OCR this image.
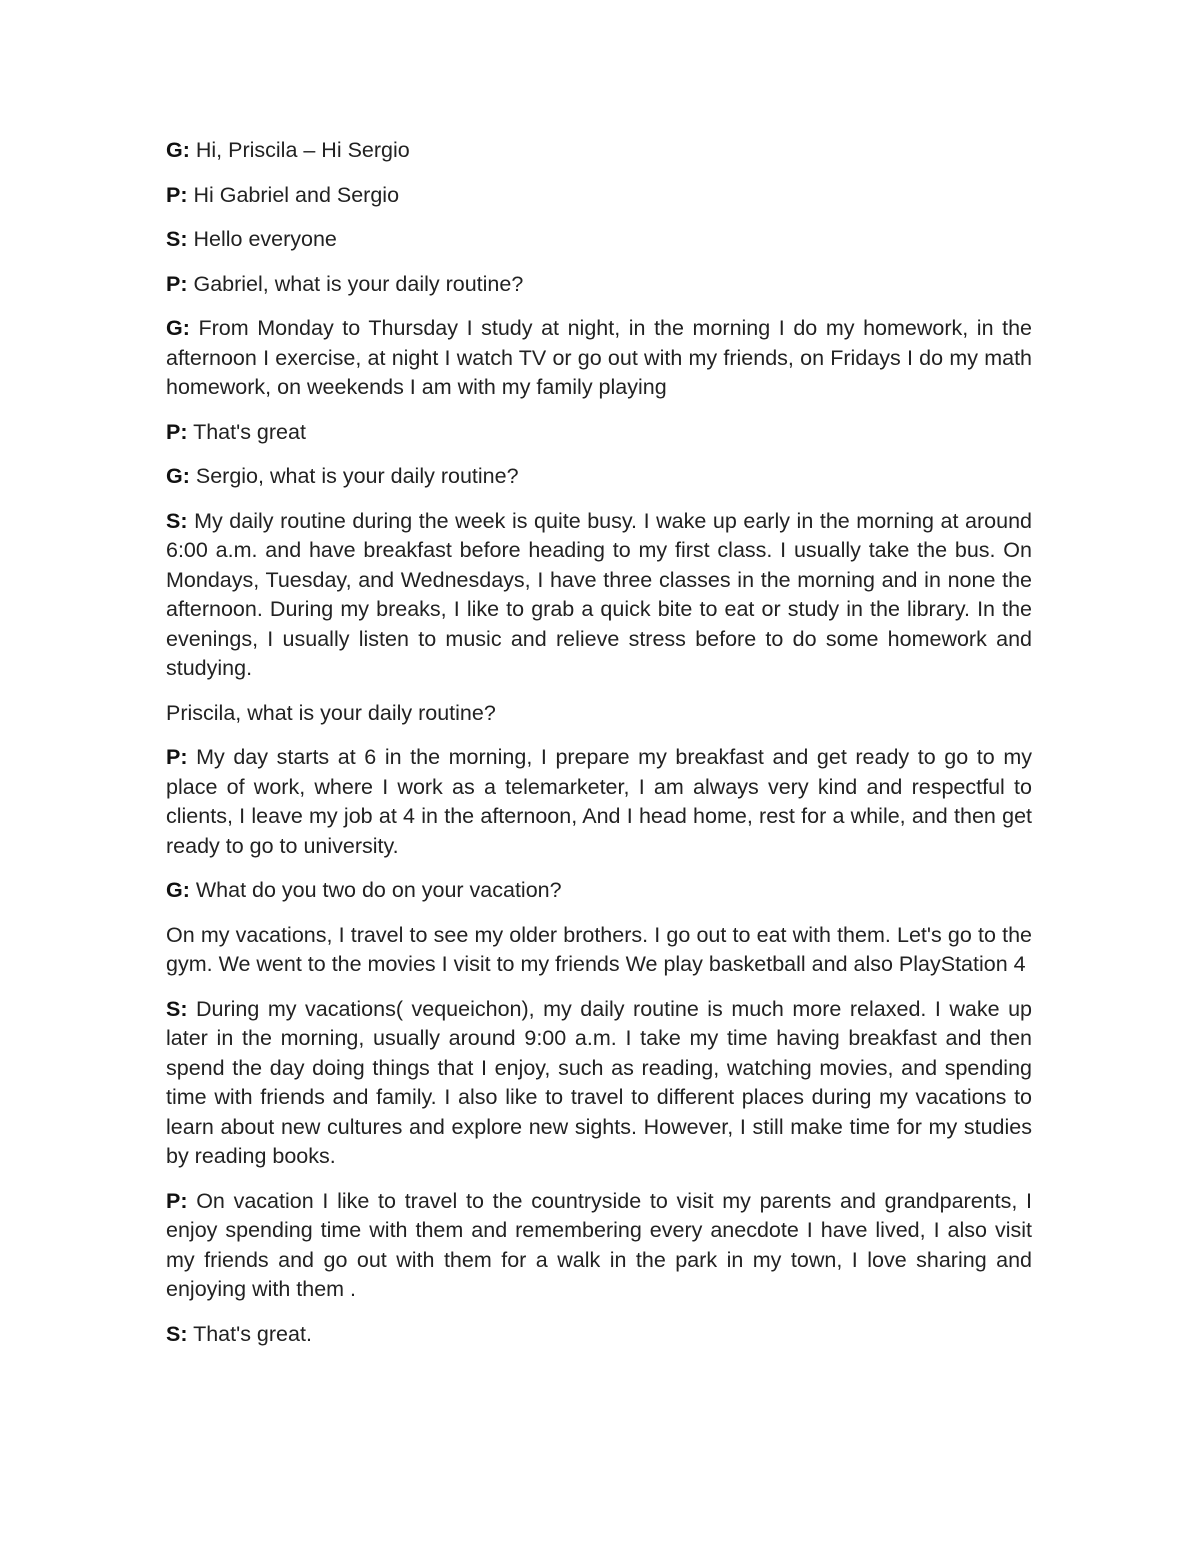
G: Hi, Priscila – Hi Sergio

P: Hi Gabriel and Sergio

S: Hello everyone

P: Gabriel, what is your daily routine?

G: From Monday to Thursday I study at night, in the morning I do my homework, in the afternoon I exercise, at night I watch TV or go out with my friends, on Fridays I do my math homework, on weekends I am with my family playing

P: That's great

G: Sergio, what is your daily routine?

S: My daily routine during the week is quite busy. I wake up early in the morning at around 6:00 a.m. and have breakfast before heading to my first class. I usually take the bus. On Mondays, Tuesday, and Wednesdays, I have three classes in the morning and in none the afternoon. During my breaks, I like to grab a quick bite to eat or study in the library. In the evenings, I usually listen to music and relieve stress before to do some homework and studying.

Priscila, what is your daily routine?

P: My day starts at 6 in the morning, I prepare my breakfast and get ready to go to my place of work, where I work as a telemarketer, I am always very kind and respectful to clients, I leave my job at 4 in the afternoon, And I head home, rest for a while, and then get ready to go to university.

G: What do you two do on your vacation?

On my vacations, I travel to see my older brothers. I go out to eat with them. Let's go to the gym. We went to the movies I visit to my friends We play basketball and also PlayStation 4

S: During my vacations( vequeichon), my daily routine is much more relaxed. I wake up later in the morning, usually around 9:00 a.m. I take my time having breakfast and then spend the day doing things that I enjoy, such as reading, watching movies, and spending time with friends and family. I also like to travel to different places during my vacations to learn about new cultures and explore new sights. However, I still make time for my studies by reading books.

P: On vacation I like to travel to the countryside to visit my parents and grandparents, I enjoy spending time with them and remembering every anecdote I have lived, I also visit my friends and go out with them for a walk in the park in my town, I love sharing and enjoying with them .

S: That's great.
